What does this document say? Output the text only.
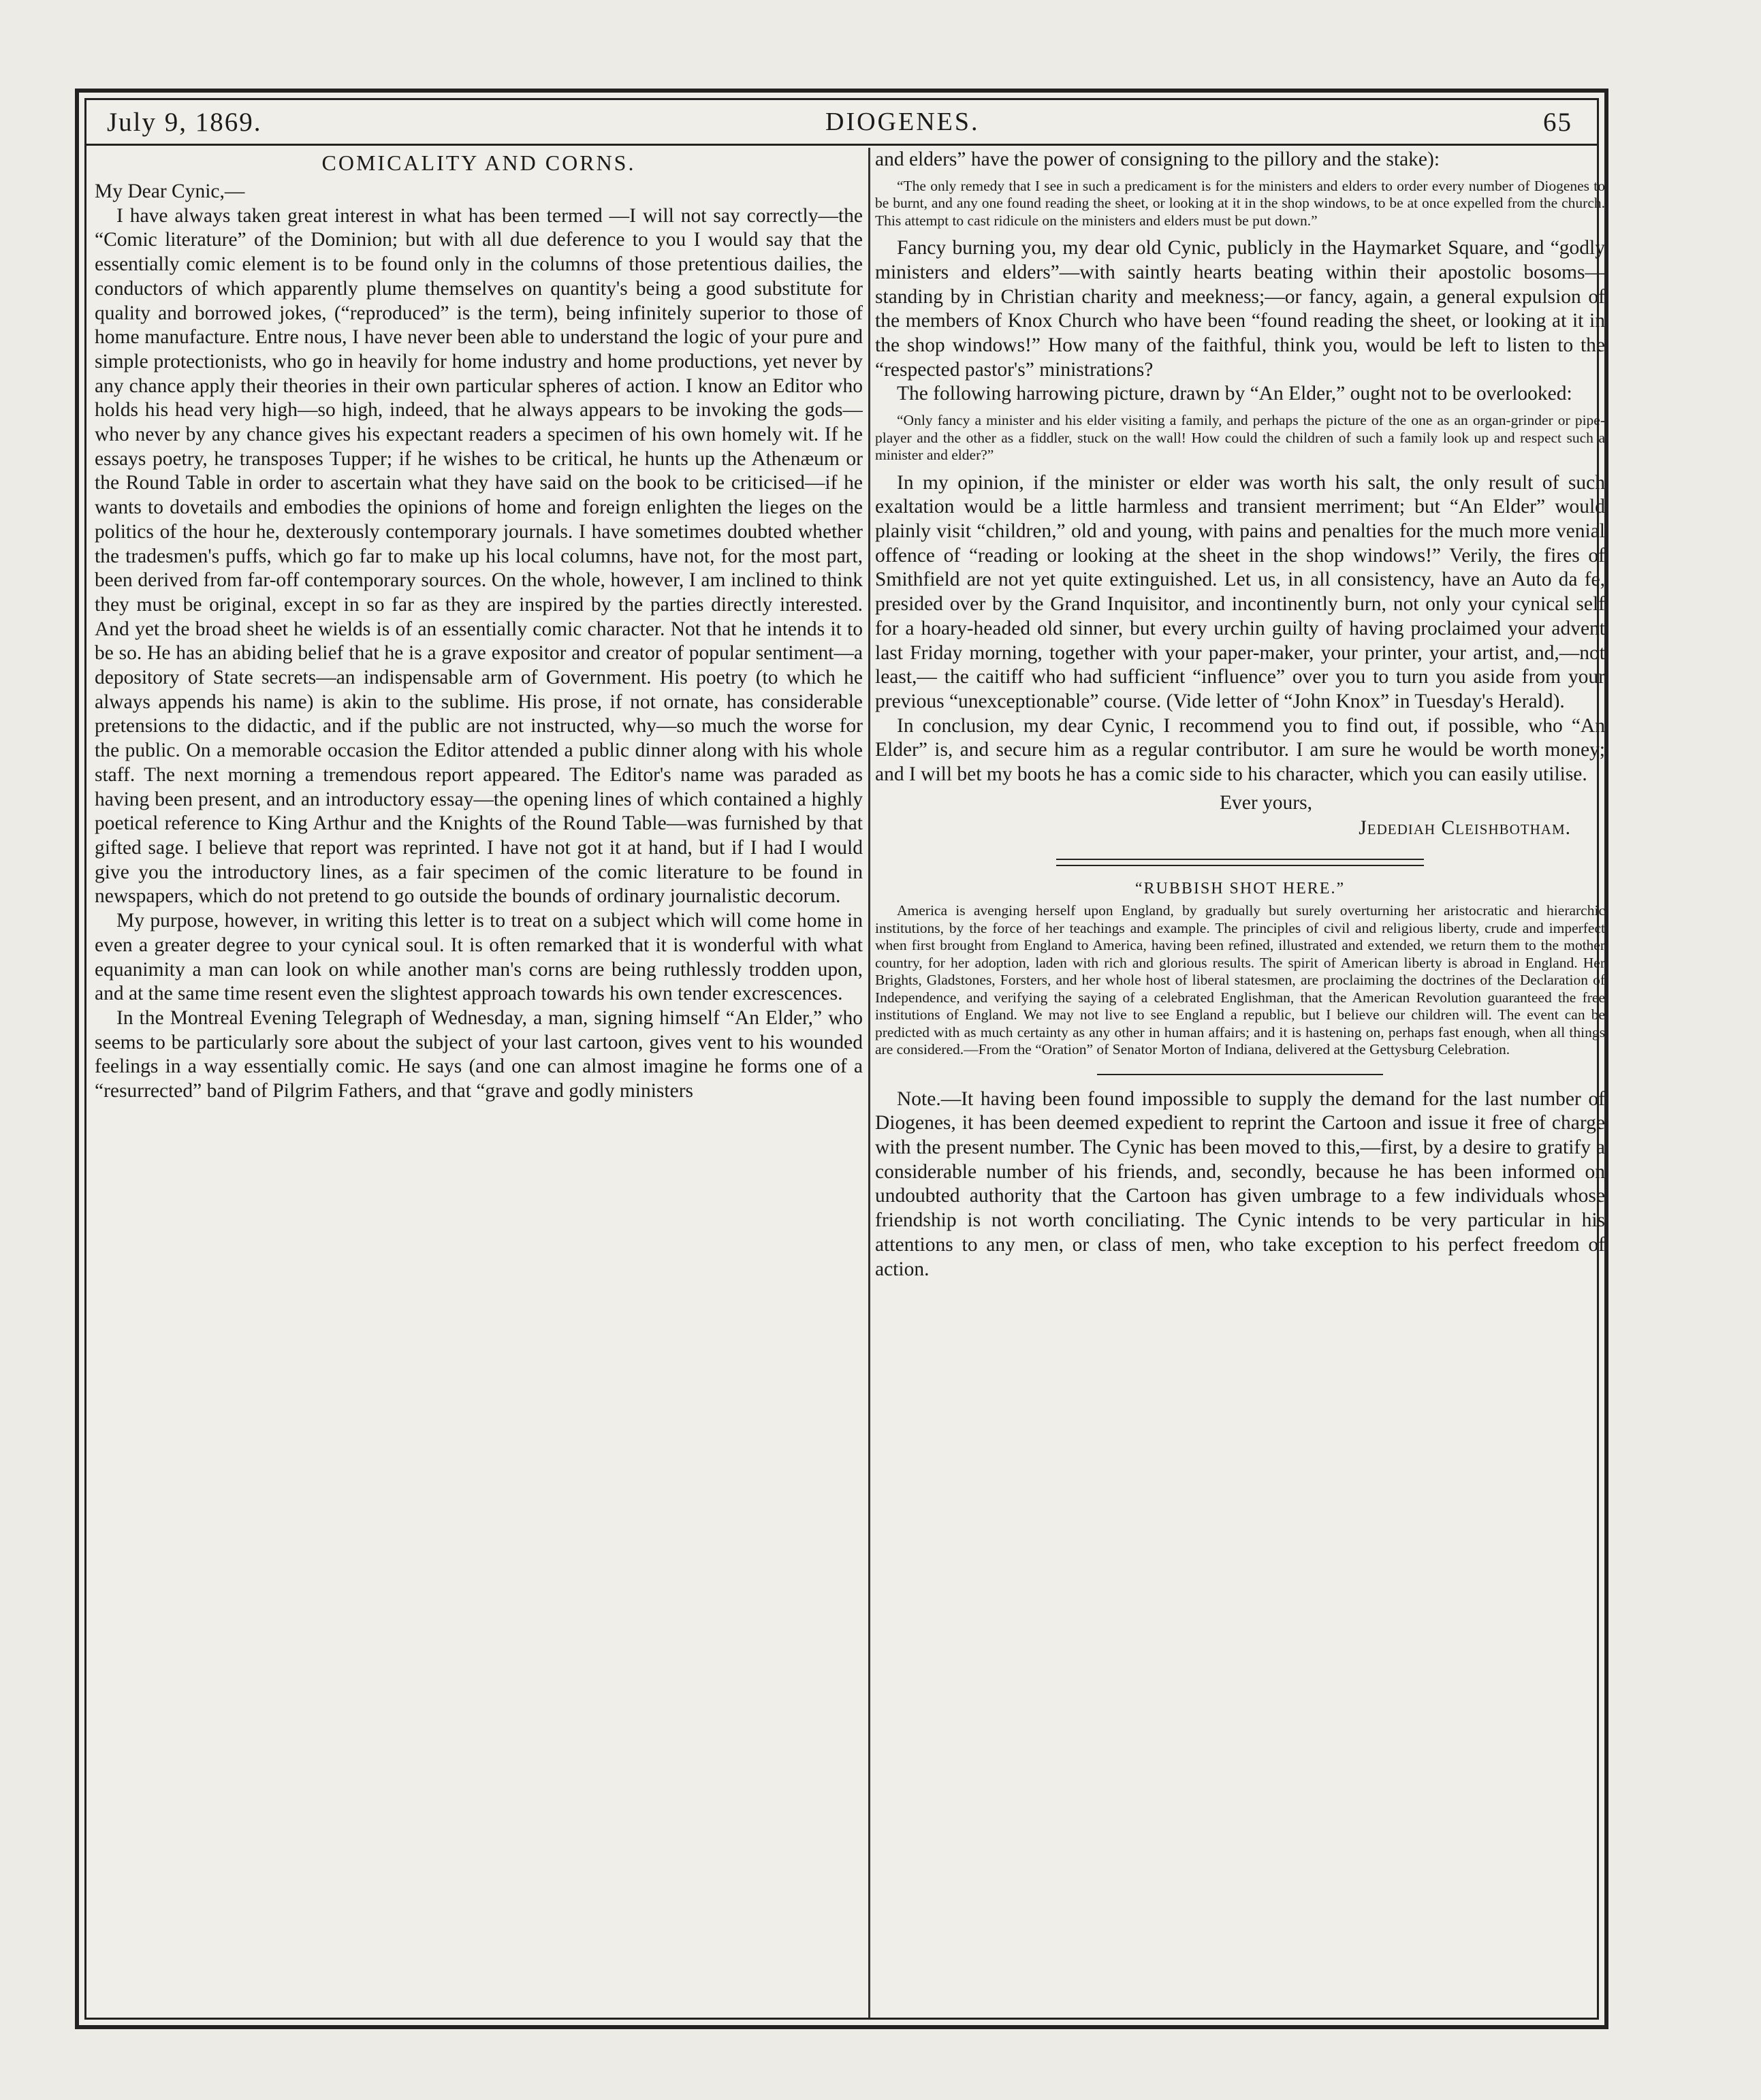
July 9, 1869.	DIOGENES.	65
COMICALITY AND CORNS.

My Dear Cynic,—

I have always taken great interest in what has been termed —I will not say correctly—the “Comic literature” of the Dominion; but with all due deference to you I would say that the essentially comic element is to be found only in the columns of those pretentious dailies, the conductors of which apparently plume themselves on quantity's being a good substitute for quality and borrowed jokes, (“reproduced” is the term), being infinitely superior to those of home manufacture. Entre nous, I have never been able to understand the logic of your pure and simple protectionists, who go in heavily for home industry and home productions, yet never by any chance apply their theories in their own particular spheres of action. I know an Editor who holds his head very high—so high, indeed, that he always appears to be invoking the gods—who never by any chance gives his expectant readers a specimen of his own homely wit. If he essays poetry, he transposes Tupper; if he wishes to be critical, he hunts up the Athenæum or the Round Table in order to ascertain what they have said on the book to be criticised—if he wants to dovetails and embodies the opinions of home and foreign enlighten the lieges on the politics of the hour he, dexterously contemporary journals. I have sometimes doubted whether the tradesmen's puffs, which go far to make up his local columns, have not, for the most part, been derived from far-off contemporary sources. On the whole, however, I am inclined to think they must be original, except in so far as they are inspired by the parties directly interested. And yet the broad sheet he wields is of an essentially comic character. Not that he intends it to be so. He has an abiding belief that he is a grave expositor and creator of popular sentiment—a depository of State secrets—an indispensable arm of Government. His poetry (to which he always appends his name) is akin to the sublime. His prose, if not ornate, has considerable pretensions to the didactic, and if the public are not instructed, why—so much the worse for the public. On a memorable occasion the Editor attended a public dinner along with his whole staff. The next morning a tremendous report appeared. The Editor's name was paraded as having been present, and an introductory essay—the opening lines of which contained a highly poetical reference to King Arthur and the Knights of the Round Table—was furnished by that gifted sage. I believe that report was reprinted. I have not got it at hand, but if I had I would give you the introductory lines, as a fair specimen of the comic literature to be found in newspapers, which do not pretend to go outside the bounds of ordinary journalistic decorum.

My purpose, however, in writing this letter is to treat on a subject which will come home in even a greater degree to your cynical soul. It is often remarked that it is wonderful with what equanimity a man can look on while another man's corns are being ruthlessly trodden upon, and at the same time resent even the slightest approach towards his own tender excrescences.

In the Montreal Evening Telegraph of Wednesday, a man, signing himself “An Elder,” who seems to be particularly sore about the subject of your last cartoon, gives vent to his wounded feelings in a way essentially comic. He says (and one can almost imagine he forms one of a “resurrected” band of Pilgrim Fathers, and that “grave and godly ministers

and elders” have the power of consigning to the pillory and the stake):

“The only remedy that I see in such a predicament is for the ministers and elders to order every number of Diogenes to be burnt, and any one found reading the sheet, or looking at it in the shop windows, to be at once expelled from the church. This attempt to cast ridicule on the ministers and elders must be put down.”

Fancy burning you, my dear old Cynic, publicly in the Haymarket Square, and “godly ministers and elders”—with saintly hearts beating within their apostolic bosoms—standing by in Christian charity and meekness;—or fancy, again, a general expulsion of the members of Knox Church who have been “found reading the sheet, or looking at it in the shop windows!” How many of the faithful, think you, would be left to listen to the “respected pastor's” ministrations?

The following harrowing picture, drawn by “An Elder,” ought not to be overlooked:

“Only fancy a minister and his elder visiting a family, and perhaps the picture of the one as an organ-grinder or pipe-player and the other as a fiddler, stuck on the wall! How could the children of such a family look up and respect such a minister and elder?”

In my opinion, if the minister or elder was worth his salt, the only result of such exaltation would be a little harmless and transient merriment; but “An Elder” would plainly visit “children,” old and young, with pains and penalties for the much more venial offence of “reading or looking at the sheet in the shop windows!” Verily, the fires of Smithfield are not yet quite extinguished. Let us, in all consistency, have an Auto da fe, presided over by the Grand Inquisitor, and incontinently burn, not only your cynical self for a hoary-headed old sinner, but every urchin guilty of having proclaimed your advent last Friday morning, together with your paper-maker, your printer, your artist, and,—not least,— the caitiff who had sufficient “influence” over you to turn you aside from your previous “unexceptionable” course. (Vide letter of “John Knox” in Tuesday's Herald).

In conclusion, my dear Cynic, I recommend you to find out, if possible, who “An Elder” is, and secure him as a regular contributor. I am sure he would be worth money; and I will bet my boots he has a comic side to his character, which you can easily utilise.

Ever yours,

Jedediah Cleishbotham.

“RUBBISH SHOT HERE.”

America is avenging herself upon England, by gradually but surely overturning her aristocratic and hierarchic institutions, by the force of her teachings and example. The principles of civil and religious liberty, crude and imperfect when first brought from England to America, having been refined, illustrated and extended, we return them to the mother country, for her adoption, laden with rich and glorious results. The spirit of American liberty is abroad in England. Her Brights, Gladstones, Forsters, and her whole host of liberal statesmen, are proclaiming the doctrines of the Declaration of Independence, and verifying the saying of a celebrated Englishman, that the American Revolution guaranteed the free institutions of England. We may not live to see England a republic, but I believe our children will. The event can be predicted with as much certainty as any other in human affairs; and it is hastening on, perhaps fast enough, when all things are considered.—From the “Oration” of Senator Morton of Indiana, delivered at the Gettysburg Celebration.

Note.—It having been found impossible to supply the demand for the last number of Diogenes, it has been deemed expedient to reprint the Cartoon and issue it free of charge with the present number. The Cynic has been moved to this,—first, by a desire to gratify a considerable number of his friends, and, secondly, because he has been informed on undoubted authority that the Cartoon has given umbrage to a few individuals whose friendship is not worth conciliating. The Cynic intends to be very particular in his attentions to any men, or class of men, who take exception to his perfect freedom of action.
